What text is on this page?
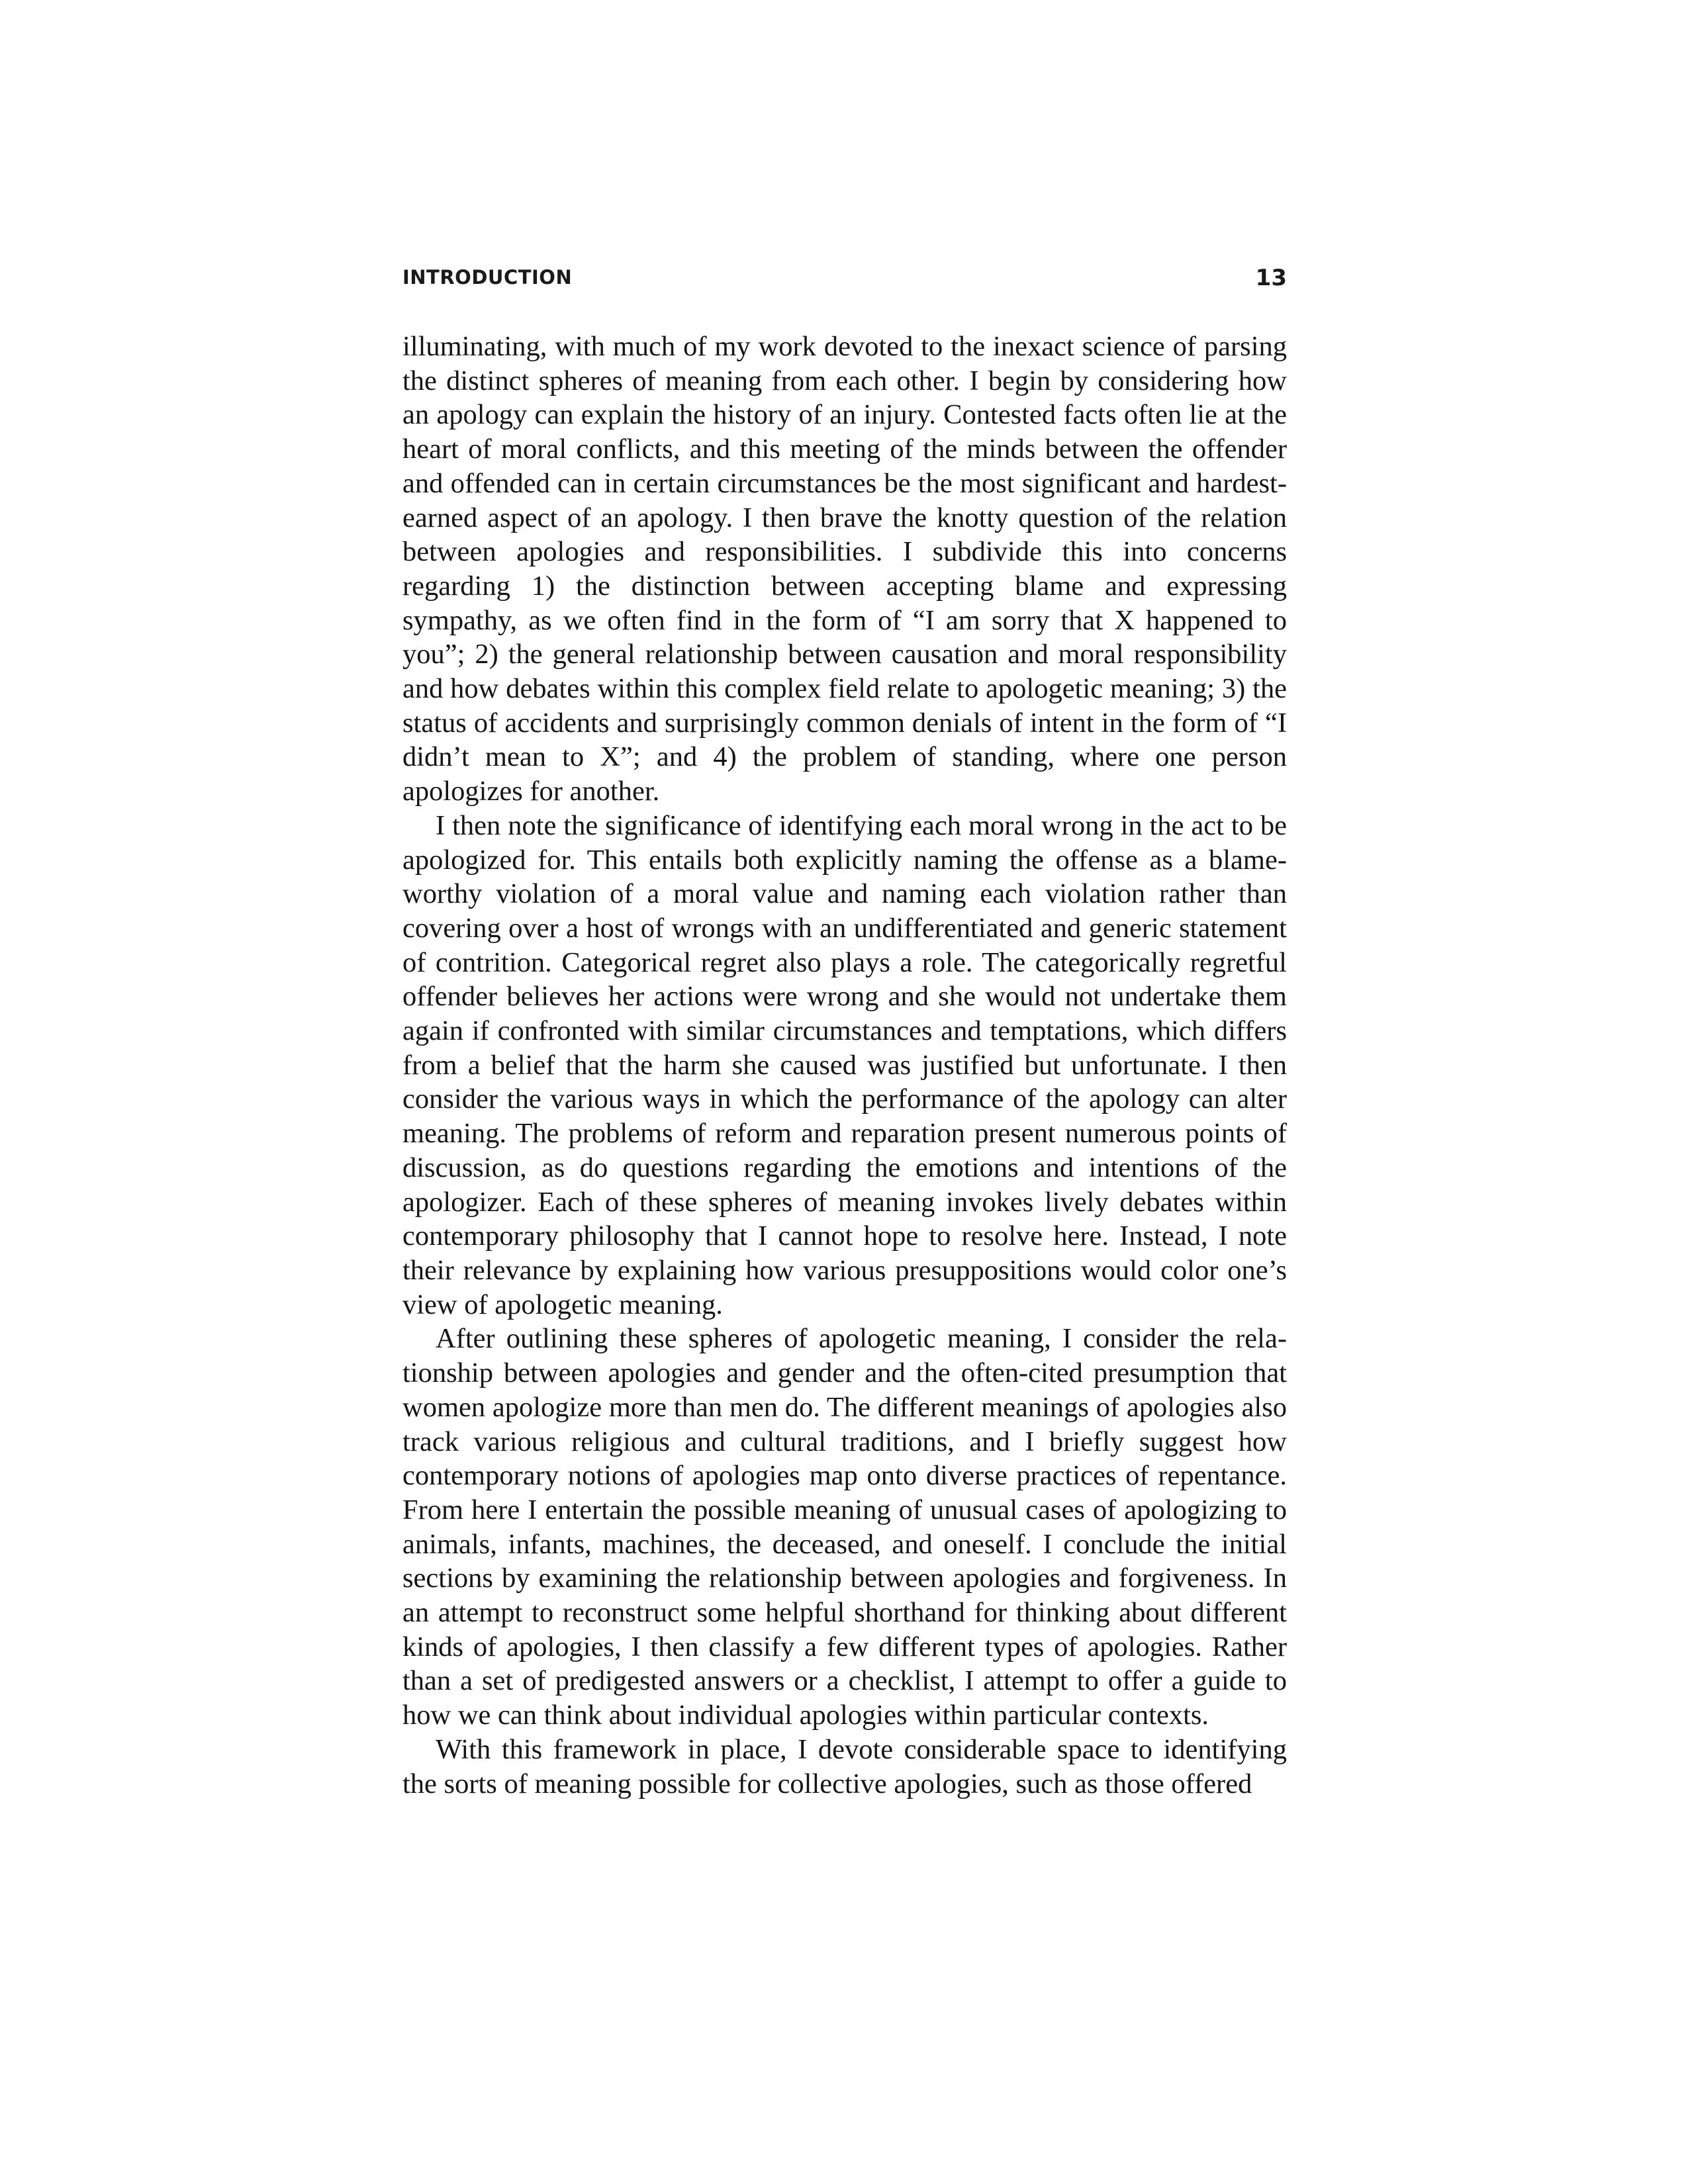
INTRODUCTION	13

illuminating, with much of my work devoted to the inexact science of parsing the distinct spheres of meaning from each other. I begin by considering how an apology can explain the history of an injury. Contested facts often lie at the heart of moral conflicts, and this meeting of the minds between the offender and offended can in certain circumstances be the most significant and hardest-earned aspect of an apology. I then brave the knotty question of the relation between apologies and responsibilities. I subdivide this into concerns regarding 1) the distinction between accepting blame and expressing sympathy, as we often find in the form of “I am sorry that X happened to you”; 2) the general relationship between causation and moral responsibility and how debates within this complex field relate to apologetic meaning; 3) the status of accidents and surprisingly common denials of intent in the form of “I didn’t mean to X”; and 4) the problem of standing, where one person apologizes for another.

I then note the significance of identifying each moral wrong in the act to be apologized for. This entails both explicitly naming the offense as a blameworthy violation of a moral value and naming each violation rather than covering over a host of wrongs with an undifferentiated and generic statement of contrition. Categorical regret also plays a role. The categorically regretful offender believes her actions were wrong and she would not undertake them again if confronted with similar circumstances and temptations, which differs from a belief that the harm she caused was justified but unfortunate. I then consider the various ways in which the performance of the apology can alter meaning. The problems of reform and reparation present numerous points of discussion, as do questions regarding the emotions and intentions of the apologizer. Each of these spheres of meaning invokes lively debates within contemporary philosophy that I cannot hope to resolve here. Instead, I note their relevance by explaining how various presuppositions would color one’s view of apologetic meaning.

After outlining these spheres of apologetic meaning, I consider the relationship between apologies and gender and the often-cited presumption that women apologize more than men do. The different meanings of apologies also track various religious and cultural traditions, and I briefly suggest how contemporary notions of apologies map onto diverse practices of repentance. From here I entertain the possible meaning of unusual cases of apologizing to animals, infants, machines, the deceased, and oneself. I conclude the initial sections by examining the relationship between apologies and forgiveness. In an attempt to reconstruct some helpful shorthand for thinking about different kinds of apologies, I then classify a few different types of apologies. Rather than a set of predigested answers or a checklist, I attempt to offer a guide to how we can think about individual apologies within particular contexts.

With this framework in place, I devote considerable space to identifying the sorts of meaning possible for collective apologies, such as those offered
